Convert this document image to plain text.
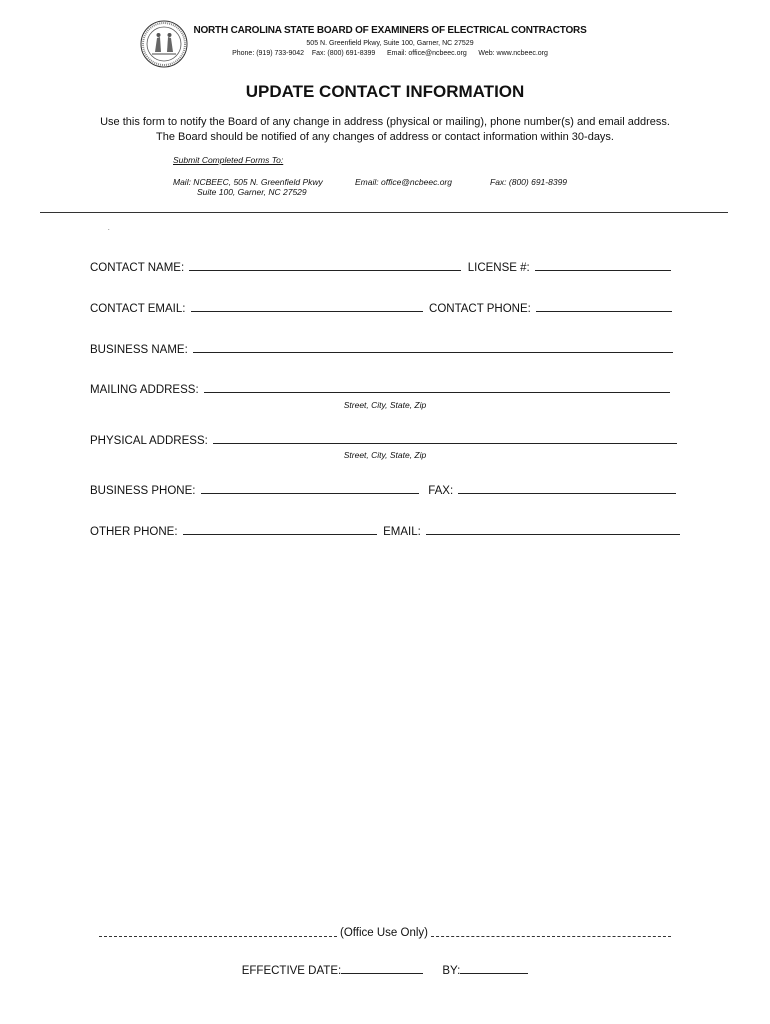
NORTH CAROLINA STATE BOARD OF EXAMINERS OF ELECTRICAL CONTRACTORS
505 N. Greenfield Pkwy, Suite 100, Garner, NC 27529
Phone: (919) 733-9042 Fax: (800) 691-8399 Email: office@ncbeec.org Web: www.ncbeec.org
UPDATE CONTACT INFORMATION
Use this form to notify the Board of any change in address (physical or mailing), phone number(s) and email address.
The Board should be notified of any changes of address or contact information within 30-days.
Submit Completed Forms To:
Mail: NCBEEC, 505 N. Greenfield Pkwy
Suite 100, Garner, NC 27529
Email: office@ncbeec.org	Fax: (800) 691-8399
.
CONTACT NAME:	LICENSE #:
CONTACT EMAIL:	CONTACT PHONE:
BUSINESS NAME:
MAILING ADDRESS:
Street, City, State, Zip
PHYSICAL ADDRESS:
Street, City, State, Zip
BUSINESS PHONE:	FAX:
OTHER PHONE:	EMAIL:
(Office Use Only)
EFFECTIVE DATE:	BY:
